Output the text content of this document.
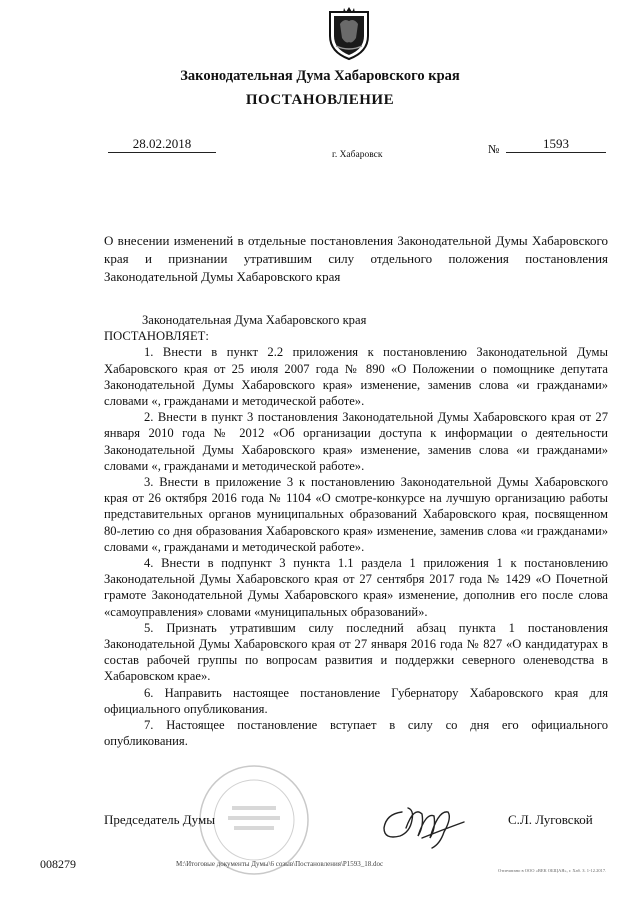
Законодательная Дума Хабаровского края
ПОСТАНОВЛЕНИЕ
28.02.2018
г. Хабаровск	№	1593
О внесении изменений в отдельные постановления Законодательной Думы Хабаровского края и признании утратившим силу отдельного положения постановления Законодательной Думы Хабаровского края

Законодательная Дума Хабаровского края

ПОСТАНОВЛЯЕТ:

1. Внести в пункт 2.2 приложения к постановлению Законодательной Думы Хабаровского края от 25 июля 2007 года № 890 «О Положении о помощнике депутата Законодательной Думы Хабаровского края» изменение, заменив слова «и гражданами» словами «, гражданами и методической работе».

2. Внести в пункт 3 постановления Законодательной Думы Хабаровского края от 27 января 2010 года № 2012 «Об организации доступа к информации о деятельности Законодательной Думы Хабаровского края» изменение, заменив слова «и гражданами» словами «, гражданами и методической работе».

3. Внести в приложение 3 к постановлению Законодательной Думы Хабаровского края от 26 октября 2016 года № 1104 «О смотре-конкурсе на лучшую организацию работы представительных органов муниципальных образований Хабаровского края, посвященном 80-летию со дня образования Хабаровского края» изменение, заменив слова «и гражданами» словами «, гражданами и методической работе».

4. Внести в подпункт 3 пункта 1.1 раздела 1 приложения 1 к постановлению Законодательной Думы Хабаровского края от 27 сентября 2017 года № 1429 «О Почетной грамоте Законодательной Думы Хабаровского края» изменение, дополнив его после слова «самоуправления» словами «муниципальных образований».

5. Признать утратившим силу последний абзац пункта 1 постановления Законодательной Думы Хабаровского края от 27 января 2016 года № 827 «О кандидатурах в состав рабочей группы по вопросам развития и поддержки северного оленеводства в Хабаровском крае».

6. Направить настоящее постановление Губернатору Хабаровского края для официального опубликования.

7. Настоящее постановление вступает в силу со дня его официального опубликования.

Председатель Думы	С.Л. Луговской
008279	M:\Итоговые документы Думы\6 созыв\Постановления\P1593_18.doc
Отпечатано в ООО «ВЕК ОБЩАЯ», г. Хаб. З. 1-12.2017.
